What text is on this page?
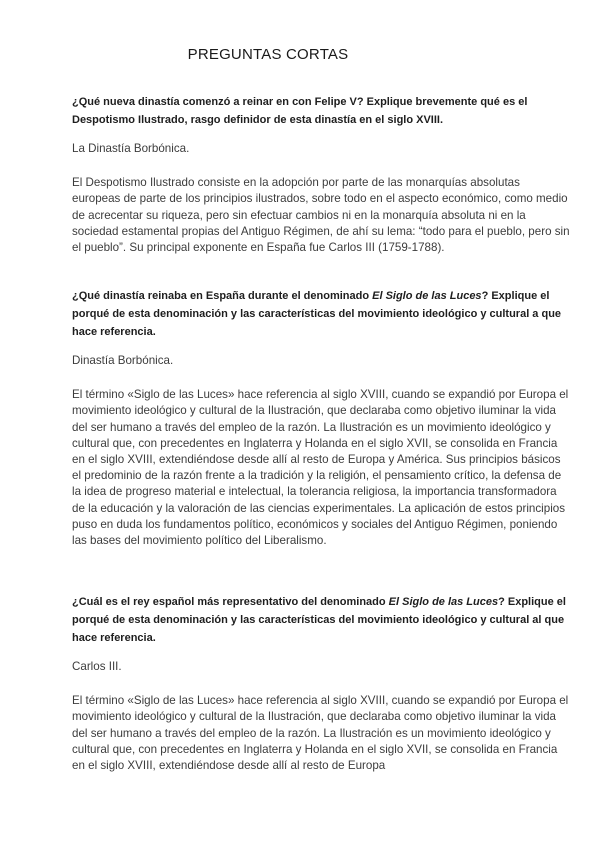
PREGUNTAS CORTAS

¿Qué nueva dinastía comenzó a reinar en con Felipe V? Explique brevemente qué es el Despotismo Ilustrado, rasgo definidor de esta dinastía en el siglo XVIII.

La Dinastía Borbónica.

El Despotismo Ilustrado consiste en la adopción por parte de las monarquías absolutas europeas de parte de los principios ilustrados, sobre todo en el aspecto económico, como medio de acrecentar su riqueza, pero sin efectuar cambios ni en la monarquía absoluta ni en la sociedad estamental propias del Antiguo Régimen, de ahí su lema: “todo para el pueblo, pero sin el pueblo”. Su principal exponente en España fue Carlos III (1759-1788).

¿Qué dinastía reinaba en España durante el denominado El Siglo de las Luces? Explique el porqué de esta denominación y las características del movimiento ideológico y cultural a que hace referencia.

Dinastía Borbónica.

El término «Siglo de las Luces» hace referencia al siglo XVIII, cuando se expandió por Europa el movimiento ideológico y cultural de la Ilustración, que declaraba como objetivo iluminar la vida del ser humano a través del empleo de la razón. La Ilustración es un movimiento ideológico y cultural que, con precedentes en Inglaterra y Holanda en el siglo XVII, se consolida en Francia en el siglo XVIII, extendiéndose desde allí al resto de Europa y América. Sus principios básicos el predominio de la razón frente a la tradición y la religión, el pensamiento crítico, la defensa de la idea de progreso material e intelectual, la tolerancia religiosa, la importancia transformadora de la educación y la valoración de las ciencias experimentales. La aplicación de estos principios puso en duda los fundamentos político, económicos y sociales del Antiguo Régimen, poniendo las bases del movimiento político del Liberalismo.

¿Cuál es el rey español más representativo del denominado El Siglo de las Luces? Explique el porqué de esta denominación y las características del movimiento ideológico y cultural al que hace referencia.

Carlos III.

El término «Siglo de las Luces» hace referencia al siglo XVIII, cuando se expandió por Europa el movimiento ideológico y cultural de la Ilustración, que declaraba como objetivo iluminar la vida del ser humano a través del empleo de la razón. La Ilustración es un movimiento ideológico y cultural que, con precedentes en Inglaterra y Holanda en el siglo XVII, se consolida en Francia en el siglo XVIII, extendiéndose desde allí al resto de Europa
